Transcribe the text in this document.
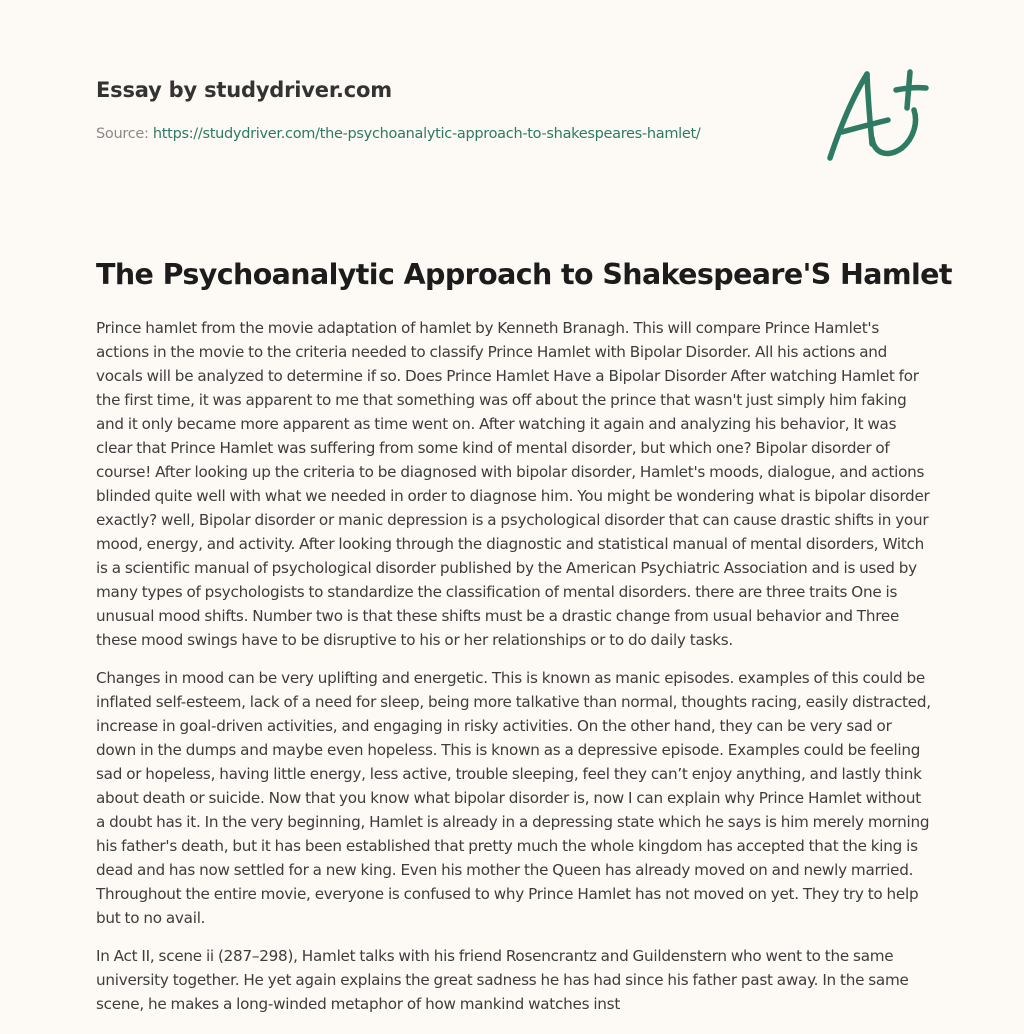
Essay by studydriver.com
Source: https://studydriver.com/the-psychoanalytic-approach-to-shakespeares-hamlet/
The Psychoanalytic Approach to Shakespeare'S Hamlet

Prince hamlet from the movie adaptation of hamlet by Kenneth Branagh. This will compare Prince Hamlet's actions in the movie to the criteria needed to classify Prince Hamlet with Bipolar Disorder. All his actions and vocals will be analyzed to determine if so. Does Prince Hamlet Have a Bipolar Disorder After watching Hamlet for the first time, it was apparent to me that something was off about the prince that wasn't just simply him faking and it only became more apparent as time went on. After watching it again and analyzing his behavior, It was clear that Prince Hamlet was suffering from some kind of mental disorder, but which one? Bipolar disorder of course! After looking up the criteria to be diagnosed with bipolar disorder, Hamlet's moods, dialogue, and actions blinded quite well with what we needed in order to diagnose him. You might be wondering what is bipolar disorder exactly? well, Bipolar disorder or manic depression is a psychological disorder that can cause drastic shifts in your mood, energy, and activity. After looking through the diagnostic and statistical manual of mental disorders, Witch is a scientific manual of psychological disorder published by the American Psychiatric Association and is used by many types of psychologists to standardize the classification of mental disorders. there are three traits One is unusual mood shifts. Number two is that these shifts must be a drastic change from usual behavior and Three these mood swings have to be disruptive to his or her relationships or to do daily tasks.

Changes in mood can be very uplifting and energetic. This is known as manic episodes. examples of this could be inflated self-esteem, lack of a need for sleep, being more talkative than normal, thoughts racing, easily distracted, increase in goal-driven activities, and engaging in risky activities. On the other hand, they can be very sad or down in the dumps and maybe even hopeless. This is known as a depressive episode. Examples could be feeling sad or hopeless, having little energy, less active, trouble sleeping, feel they can’t enjoy anything, and lastly think about death or suicide. Now that you know what bipolar disorder is, now I can explain why Prince Hamlet without a doubt has it. In the very beginning, Hamlet is already in a depressing state which he says is him merely morning his father's death, but it has been established that pretty much the whole kingdom has accepted that the king is dead and has now settled for a new king. Even his mother the Queen has already moved on and newly married. Throughout the entire movie, everyone is confused to why Prince Hamlet has not moved on yet. They try to help but to no avail.

In Act II, scene ii (287–298), Hamlet talks with his friend Rosencrantz and Guildenstern who went to the same university together. He yet again explains the great sadness he has had since his father past away. In the same scene, he makes a long-winded metaphor of how mankind watches inst
